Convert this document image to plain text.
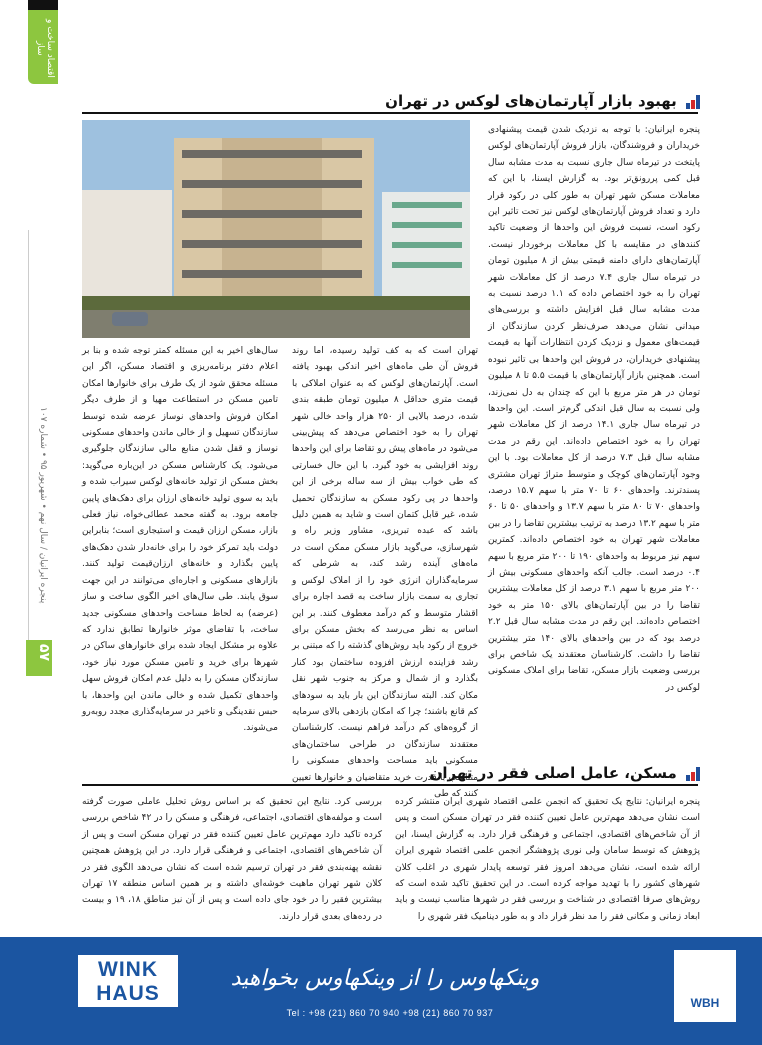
اقتصاد ساخت و ساز
پنجره ایرانیان / سال نهم • شهریور ۹۵ • شماره ۱۰۷
۵۷
بهبود بازار آپارتمان‌های لوکس در تهران
پنجره ایرانیان: با توجه به نزدیک شدن قیمت پیشنهادی خریداران و فروشندگان، بازار فروش آپارتمان‌های لوکس پایتخت در تیرماه سال جاری نسبت به مدت مشابه سال قبل کمی پررونق‌تر بود. به گزارش ایسنا، با این که معاملات مسکن شهر تهران به طور کلی در رکود قرار دارد و تعداد فروش آپارتمان‌های لوکس نیز تحت تاثیر این رکود است، نسبت فروش این واحدها از وضعیت تاکید کنندهای در مقایسه با کل معاملات برخوردار نیست. آپارتمان‌های دارای دامنه قیمتی بیش از ۸ میلیون تومان در تیرماه سال جاری ۷.۴ درصد از کل معاملات شهر تهران را به خود اختصاص داده که ۱.۱ درصد نسبت به مدت مشابه سال قبل افزایش داشته و بررسی‌های میدانی نشان می‌دهد صرف‌نظر کردن سازندگان از قیمت‌های معمول و نزدیک کردن انتظارات آنها به قیمت پیشنهادی خریداران، در فروش این واحدها بی تاثیر نبوده است. همچنین بازار آپارتمان‌های با قیمت ۵.۵ تا ۸ میلیون تومان در هر متر مربع با این که چندان به دل نمی‌زند، ولی نسبت به سال قبل اندکی گرم‌تر است. این واحدها در تیرماه سال جاری ۱۴.۱ درصد از کل معاملات شهر تهران را به خود اختصاص داده‌اند. این رقم در مدت مشابه سال قبل ۷.۳ درصد از کل معاملات بود. با این وجود آپارتمان‌های کوچک و متوسط متراژ تهران مشتری پسندترند. واحدهای ۶۰ تا ۷۰ متر با سهم ۱۵.۷ درصد، واحدهای ۷۰ تا ۸۰ متر با سهم ۱۳.۷ و واحدهای ۵۰ تا ۶۰ متر با سهم ۱۳.۲ درصد به ترتیب بیشترین تقاضا را در بین معاملات شهر تهران به خود اختصاص داده‌اند. کمترین سهم نیز مربوط به واحدهای ۱۹۰ تا ۲۰۰ متر مربع با سهم ۰.۴ درصد است. جالب آنکه واحدهای مسکونی بیش از ۲۰۰ متر مربع با سهم ۳.۱ درصد از کل معاملات بیشترین تقاضا را در بین آپارتمان‌های بالای ۱۵۰ متر به خود اختصاص داده‌اند. این رقم در مدت مشابه سال قبل ۲.۲ درصد بود که در بین واحدهای بالای ۱۴۰ متر بیشترین تقاضا را داشت. کارشناسان معتقدند یک شاخص برای بررسی وضعیت بازار مسکن، تقاضا برای املاک مسکونی لوکس در
تهران است که به کف تولید رسیده، اما روند فروش آن طی ماه‌های اخیر اندکی بهبود یافته است. آپارتمان‌های لوکس که به عنوان املاکی با قیمت متری حداقل ۸ میلیون تومان طبقه بندی شده، درصد بالایی از ۲۵۰ هزار واحد خالی شهر تهران را به خود اختصاص می‌دهد که پیش‌بینی می‌شود در ماه‌های پیش رو تقاضا برای این واحدها روند افزایشی به خود گیرد. با این حال خسارتی که طی خواب بیش از سه ساله برخی از این واحدها در پی رکود مسکن به سازندگان تحمیل شده، غیر قابل کتمان است و شاید به همین دلیل باشد که عبده تبریزی، مشاور وزیر راه و شهرسازی، می‌گوید بازار مسکن ممکن است در ماه‌های آینده رشد کند، به شرطی که سرمایه‌گذاران انرژی خود را از املاک لوکس و تجاری به سمت بازار ساخت به قصد اجاره برای اقشار متوسط و کم درآمد معطوف کنند. بر این اساس به نظر می‌رسد که بخش مسکن برای خروج از رکود باید روش‌های گذشته را که مبتنی بر رشد فزاینده ارزش افزوده ساختمان بود کنار بگذارد و از شمال و مرکز به جنوب شهر نقل مکان کند. البته سازندگان این بار باید به سودهای کم قانع باشند؛ چرا که امکان بازدهی بالای سرمایه از گروه‌های کم درآمد فراهم نیست. کارشناسان معتقدند سازندگان در طراحی ساختمان‌های مسکونی باید مساحت واحدهای مسکونی را متناسب با قدرت خرید متقاضیان و خانوارها تعیین کنند که طی
سال‌های اخیر به این مسئله کمتر توجه شده و بنا بر اعلام دفتر برنامه‌ریزی و اقتصاد مسکن، اگر این مسئله محقق شود از یک طرف برای خانوارها امکان تامین مسکن در استطاعت مهیا و از طرف دیگر امکان فروش واحدهای نوساز عرضه شده توسط سازندگان تسهیل و از خالی ماندن واحدهای مسکونی نوساز و قفل شدن منابع مالی سازندگان جلوگیری می‌شود. یک کارشناس مسکن در این‌باره می‌گوید: بخش مسکن از تولید خانه‌های لوکس سیراب شده و باید به سوی تولید خانه‌های ارزان برای دهک‌های پایین جامعه برود. به گفته محمد عطائی‌خواه، نیاز فعلی بازار، مسکن ارزان قیمت و استیجاری است؛ بنابراین دولت باید تمرکز خود را برای خانه‌دار شدن دهک‌های پایین بگذارد و خانه‌های ارزان‌قیمت تولید کنند. بازارهای مسکونی و اجاره‌ای می‌توانند در این جهت سوق یابند. طی سال‌های اخیر الگوی ساخت و ساز (عرضه) به لحاظ مساحت واحدهای مسکونی جدید ساخت، با تقاضای موثر خانوارها تطابق ندارد که علاوه بر مشکل ایجاد شده برای خانوارهای ساکن در شهرها برای خرید و تامین مسکن مورد نیاز خود، سازندگان مسکن را به دلیل عدم امکان فروش سهل واحدهای تکمیل شده و خالی ماندن این واحدها، با حبس نقدینگی و تاخیر در سرمایه‌گذاری مجدد روبه‌رو می‌شوند.
مسکن، عامل اصلی فقر در تهران
پنجره ایرانیان: نتایج یک تحقیق که انجمن علمی اقتصاد شهری ایران منتشر کرده است نشان می‌دهد مهم‌ترین عامل تعیین کننده فقر در تهران مسکن است و پس از آن شاخص‌های اقتصادی، اجتماعی و فرهنگی قرار دارد. به گزارش ایسنا، این پژوهش که توسط سامان ولی نوری پژوهشگر انجمن علمی اقتصاد شهری ایران ارائه شده است، نشان می‌دهد امروز فقر توسعه پایدار شهری در اغلب کلان شهرهای کشور را با تهدید مواجه کرده است. در این تحقیق تاکید شده است که روش‌های صرفا اقتصادی در شناخت و بررسی فقر در شهرها مناسب نیست و باید ابعاد زمانی و مکانی فقر را مد نظر قرار داد و به طور دینامیک فقر شهری را
بررسی کرد. نتایج این تحقیق که بر اساس روش تحلیل عاملی صورت گرفته است و مولفه‌های اقتصادی، اجتماعی، فرهنگی و مسکن را در ۴۲ شاخص بررسی کرده تاکید دارد مهم‌ترین عامل تعیین کننده فقر در تهران مسکن است و پس از آن شاخص‌های اقتصادی، اجتماعی و فرهنگی قرار دارد. در این پژوهش همچنین نقشه پهنه‌بندی فقر در تهران ترسیم شده است که نشان می‌دهد الگوی فقر در کلان شهر تهران ماهیت خوشه‌ای داشته و بر همین اساس منطقه ۱۷ تهران بیشترین فقیر را در خود جای داده است و پس از آن نیز مناطق ۱۸، ۱۹ و بیست در رده‌های بعدی قرار دارند.
WINK
HAUS
وینکهاوس را از وینکهاوس بخواهید
Tel : +98 (21) 860 70 940 +98 (21) 860 70 937
WBH
